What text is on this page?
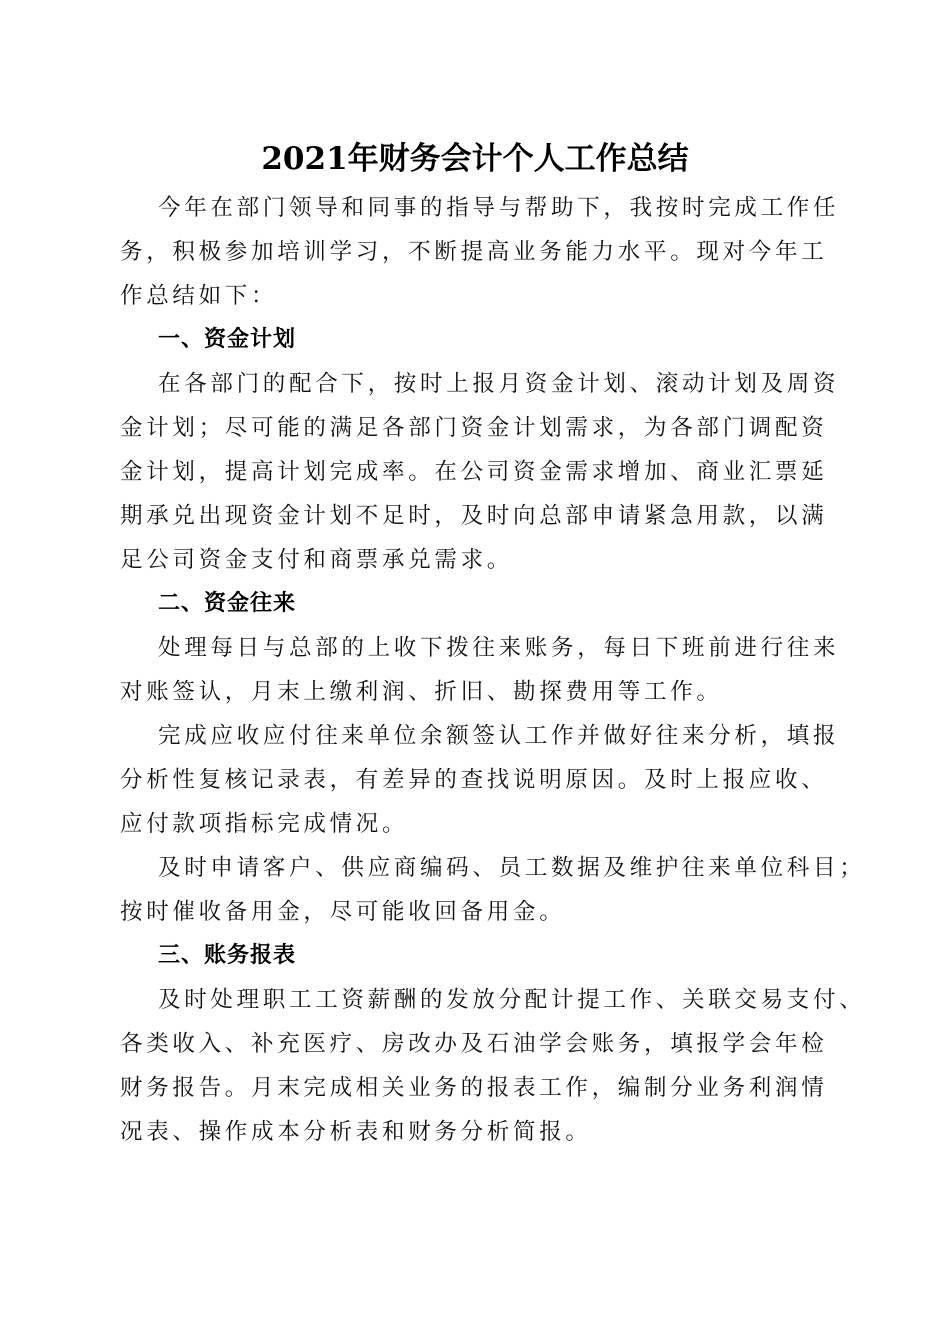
2021年财务会计个人工作总结
今年在部门领导和同事的指导与帮助下，我按时完成工作任
务，积极参加培训学习，不断提高业务能力水平。现对今年工
作总结如下：
一、资金计划
在各部门的配合下，按时上报月资金计划、滚动计划及周资
金计划；尽可能的满足各部门资金计划需求，为各部门调配资
金计划，提高计划完成率。在公司资金需求增加、商业汇票延
期承兑出现资金计划不足时，及时向总部申请紧急用款，以满
足公司资金支付和商票承兑需求。
二、资金往来
处理每日与总部的上收下拨往来账务，每日下班前进行往来
对账签认，月末上缴利润、折旧、勘探费用等工作。
完成应收应付往来单位余额签认工作并做好往来分析，填报
分析性复核记录表，有差异的查找说明原因。及时上报应收、
应付款项指标完成情况。
及时申请客户、供应商编码、员工数据及维护往来单位科目；
按时催收备用金，尽可能收回备用金。
三、账务报表
及时处理职工工资薪酬的发放分配计提工作、关联交易支付、
各类收入、补充医疗、房改办及石油学会账务，填报学会年检
财务报告。月末完成相关业务的报表工作，编制分业务利润情
况表、操作成本分析表和财务分析简报。
